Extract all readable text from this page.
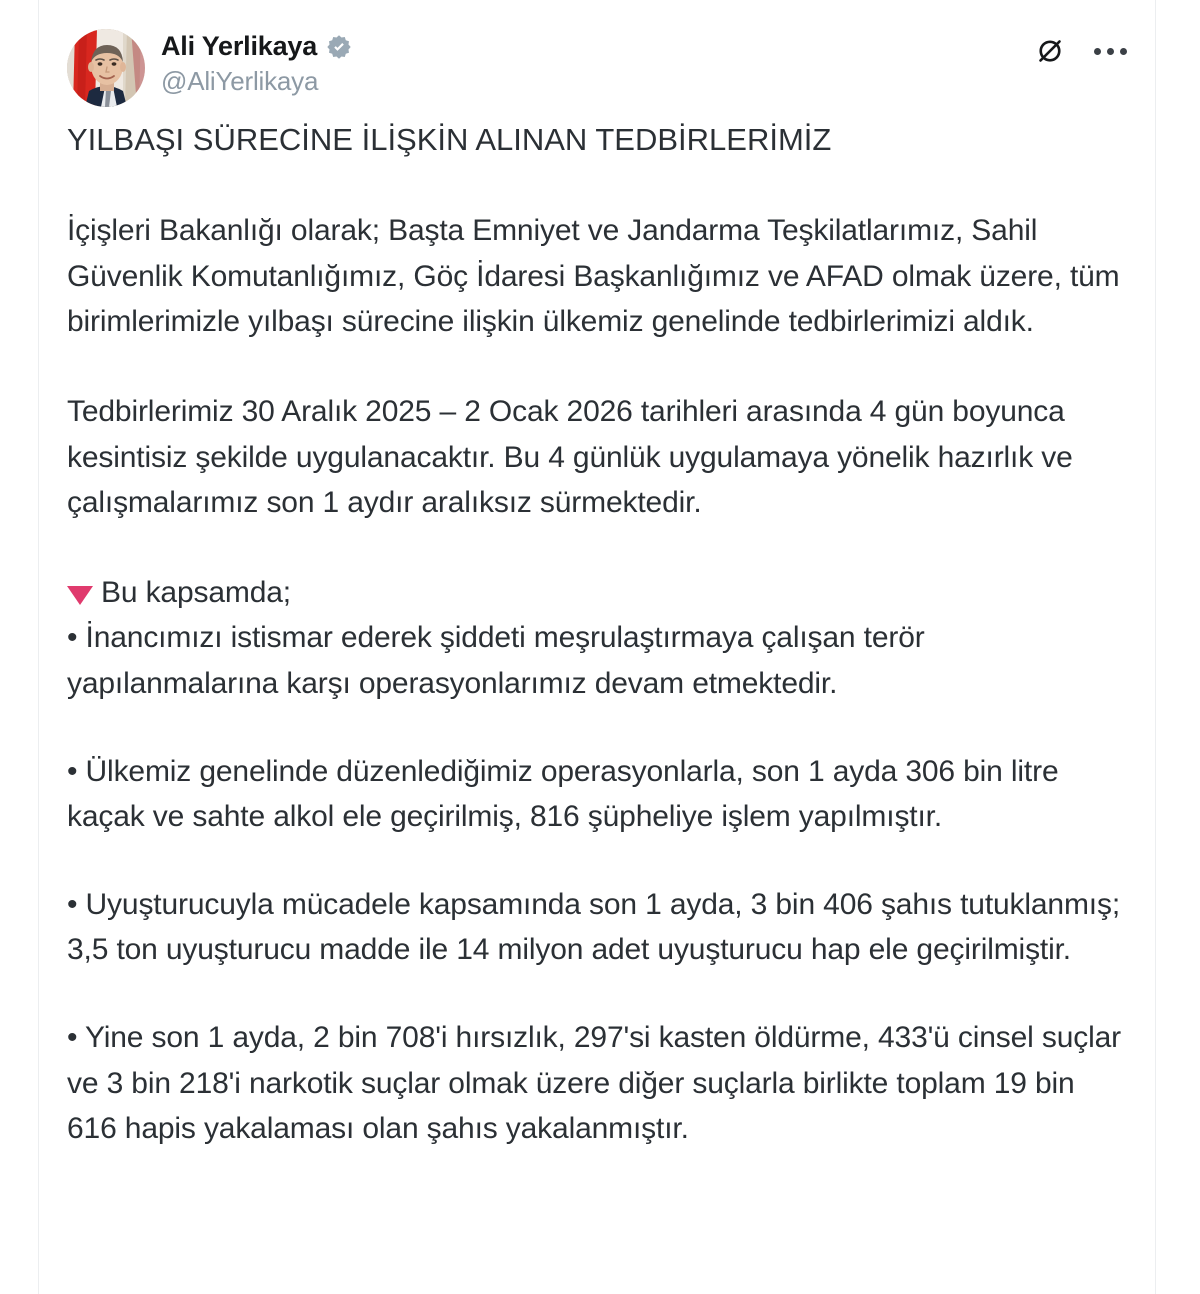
Ali Yerlikaya
@AliYerlikaya
YILBAŞI SÜRECİNE İLİŞKİN ALINAN TEDBİRLERİMİZ

İçişleri Bakanlığı olarak; Başta Emniyet ve Jandarma Teşkilatlarımız, Sahil Güvenlik Komutanlığımız, Göç İdaresi Başkanlığımız ve AFAD olmak üzere, tüm birimlerimizle yılbaşı sürecine ilişkin ülkemiz genelinde tedbirlerimizi aldık.

Tedbirlerimiz 30 Aralık 2025 – 2 Ocak 2026 tarihleri arasında 4 gün boyunca kesintisiz şekilde uygulanacaktır. Bu 4 günlük uygulamaya yönelik hazırlık ve çalışmalarımız son 1 aydır aralıksız sürmektedir.

Bu kapsamda;

• İnancımızı istismar ederek şiddeti meşrulaştırmaya çalışan terör yapılanmalarına karşı operasyonlarımız devam etmektedir.

• Ülkemiz genelinde düzenlediğimiz operasyonlarla, son 1 ayda 306 bin litre kaçak ve sahte alkol ele geçirilmiş, 816 şüpheliye işlem yapılmıştır.

• Uyuşturucuyla mücadele kapsamında son 1 ayda, 3 bin 406 şahıs tutuklanmış; 3,5 ton uyuşturucu madde ile 14 milyon adet uyuşturucu hap ele geçirilmiştir.

• Yine son 1 ayda, 2 bin 708'i hırsızlık, 297'si kasten öldürme, 433'ü cinsel suçlar ve 3 bin 218'i narkotik suçlar olmak üzere diğer suçlarla birlikte toplam 19 bin 616 hapis yakalaması olan şahıs yakalanmıştır.
